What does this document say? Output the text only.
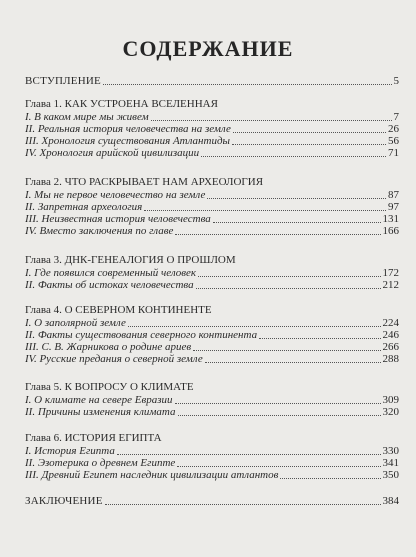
СОДЕРЖАНИЕ
ВСТУПЛЕНИЕ	5
Глава 1. КАК УСТРОЕНА ВСЕЛЕННАЯ
I. В каком мире мы живем	7
II. Реальная история человечества на земле	26
III. Хронология существования Атлантиды	56
IV. Хронология арийской цивилизации	71
Глава 2. ЧТО РАСКРЫВАЕТ НАМ АРХЕОЛОГИЯ
I. Мы не первое человечество на земле	87
II. Запретная археология	97
III. Неизвестная история человечества	131
IV. Вместо заключения по главе	166
Глава 3. ДНК-ГЕНЕАЛОГИЯ О ПРОШЛОМ
I. Где появился современный человек	172
II. Факты об истоках человечества	212
Глава 4. О СЕВЕРНОМ КОНТИНЕНТЕ
I. О заполярной земле	224
II. Факты существования северного континента	246
III. С. В. Жарникова о родине ариев	266
IV. Русские предания о северной земле	288
Глава 5. К ВОПРОСУ О КЛИМАТЕ
I. О климате на севере Евразии	309
II. Причины изменения климата	320
Глава 6. ИСТОРИЯ ЕГИПТА
I. История Египта	330
II. Эзотерика о древнем Египте	341
III. Древний Египет наследник цивилизации атлантов	350
ЗАКЛЮЧЕНИЕ	384
